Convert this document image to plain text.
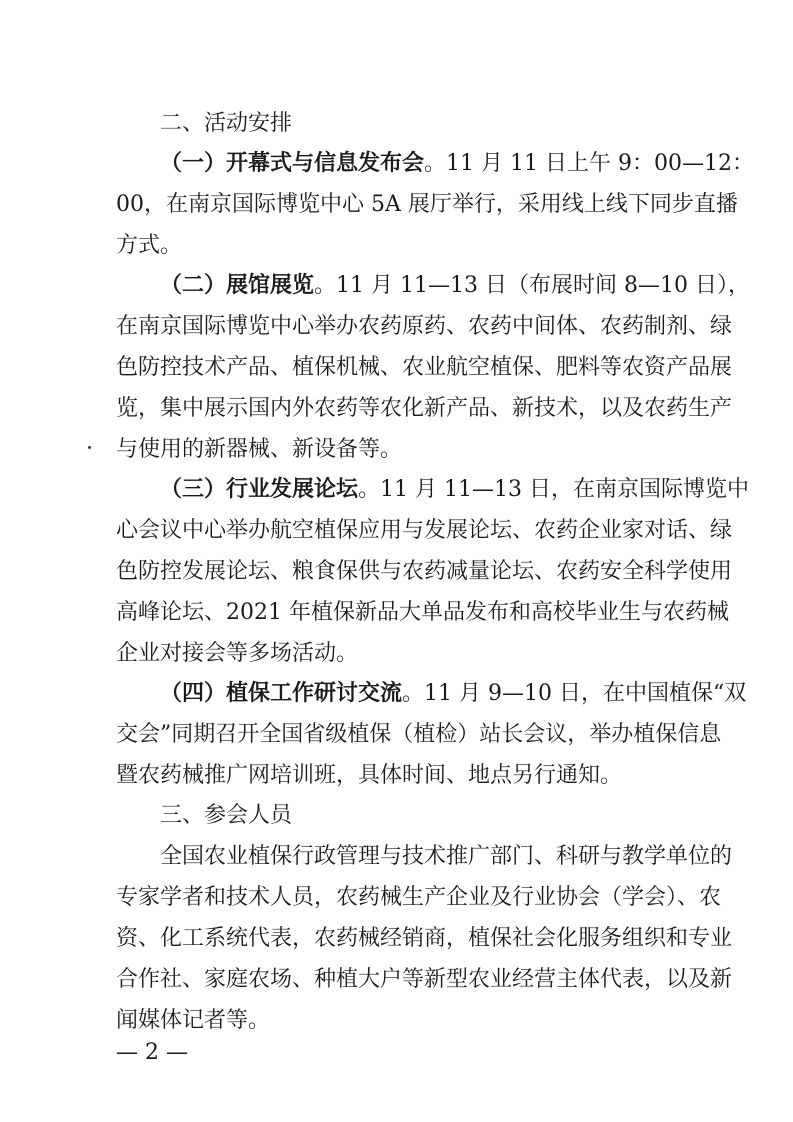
二、活动安排
（一）开幕式与信息发布会。11 月 11 日上午 9：00—12：
00，在南京国际博览中心 5A 展厅举行，采用线上线下同步直播
方式。
（二）展馆展览。11 月 11—13 日（布展时间 8—10 日），
在南京国际博览中心举办农药原药、农药中间体、农药制剂、绿
色防控技术产品、植保机械、农业航空植保、肥料等农资产品展
览，集中展示国内外农药等农化新产品、新技术，以及农药生产
与使用的新器械、新设备等。
（三）行业发展论坛。11 月 11—13 日，在南京国际博览中
心会议中心举办航空植保应用与发展论坛、农药企业家对话、绿
色防控发展论坛、粮食保供与农药减量论坛、农药安全科学使用
高峰论坛、2021 年植保新品大单品发布和高校毕业生与农药械
企业对接会等多场活动。
（四）植保工作研讨交流。11 月 9—10 日，在中国植保“双
交会”同期召开全国省级植保（植检）站长会议，举办植保信息
暨农药械推广网培训班，具体时间、地点另行通知。
三、参会人员
全国农业植保行政管理与技术推广部门、科研与教学单位的
专家学者和技术人员，农药械生产企业及行业协会（学会）、农
资、化工系统代表，农药械经销商，植保社会化服务组织和专业
合作社、家庭农场、种植大户等新型农业经营主体代表，以及新
闻媒体记者等。
— 2 —
